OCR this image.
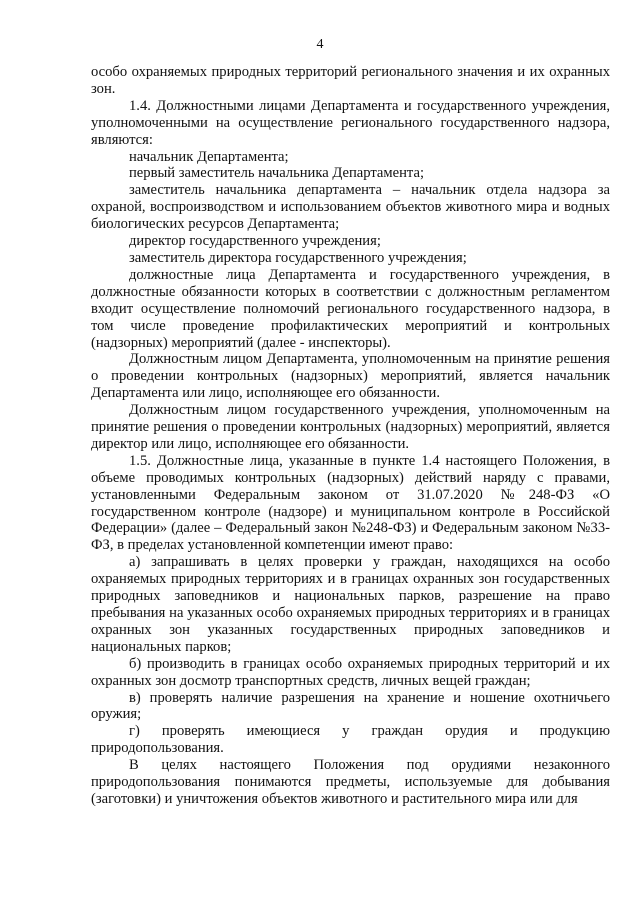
4

особо охраняемых природных территорий регионального значения и их охранных зон.

1.4. Должностными лицами Департамента и государственного учреждения, уполномоченными на осуществление регионального государственного надзора, являются:

начальник Департамента;

первый заместитель начальника Департамента;

заместитель начальника департамента – начальник отдела надзора за охраной, воспроизводством и использованием объектов животного мира и водных биологических ресурсов Департамента;

директор государственного учреждения;

заместитель директора государственного учреждения;

должностные лица Департамента и государственного учреждения, в должностные обязанности которых в соответствии с должностным регламентом входит осуществление полномочий регионального государственного надзора, в том числе проведение профилактических мероприятий и контрольных (надзорных) мероприятий (далее - инспекторы).

Должностным лицом Департамента, уполномоченным на принятие решения о проведении контрольных (надзорных) мероприятий, является начальник Департамента или лицо, исполняющее его обязанности.

Должностным лицом государственного учреждения, уполномоченным на принятие решения о проведении контрольных (надзорных) мероприятий, является директор или лицо, исполняющее его обязанности.

1.5. Должностные лица, указанные в пункте 1.4 настоящего Положения, в объеме проводимых контрольных (надзорных) действий наряду с правами, установленными Федеральным законом от 31.07.2020 №248-ФЗ «О государственном контроле (надзоре) и муниципальном контроле в Российской Федерации» (далее – Федеральный закон №248-ФЗ) и Федеральным законом №33-ФЗ, в пределах установленной компетенции имеют право:

а) запрашивать в целях проверки у граждан, находящихся на особо охраняемых природных территориях и в границах охранных зон государственных природных заповедников и национальных парков, разрешение на право пребывания на указанных особо охраняемых природных территориях и в границах охранных зон указанных государственных природных заповедников и национальных парков;

б) производить в границах особо охраняемых природных территорий и их охранных зон досмотр транспортных средств, личных вещей граждан;

в) проверять наличие разрешения на хранение и ношение охотничьего оружия;

г) проверять имеющиеся у граждан орудия и продукцию природопользования.

В целях настоящего Положения под орудиями незаконного природопользования понимаются предметы, используемые для добывания (заготовки) и уничтожения объектов животного и растительного мира или для
